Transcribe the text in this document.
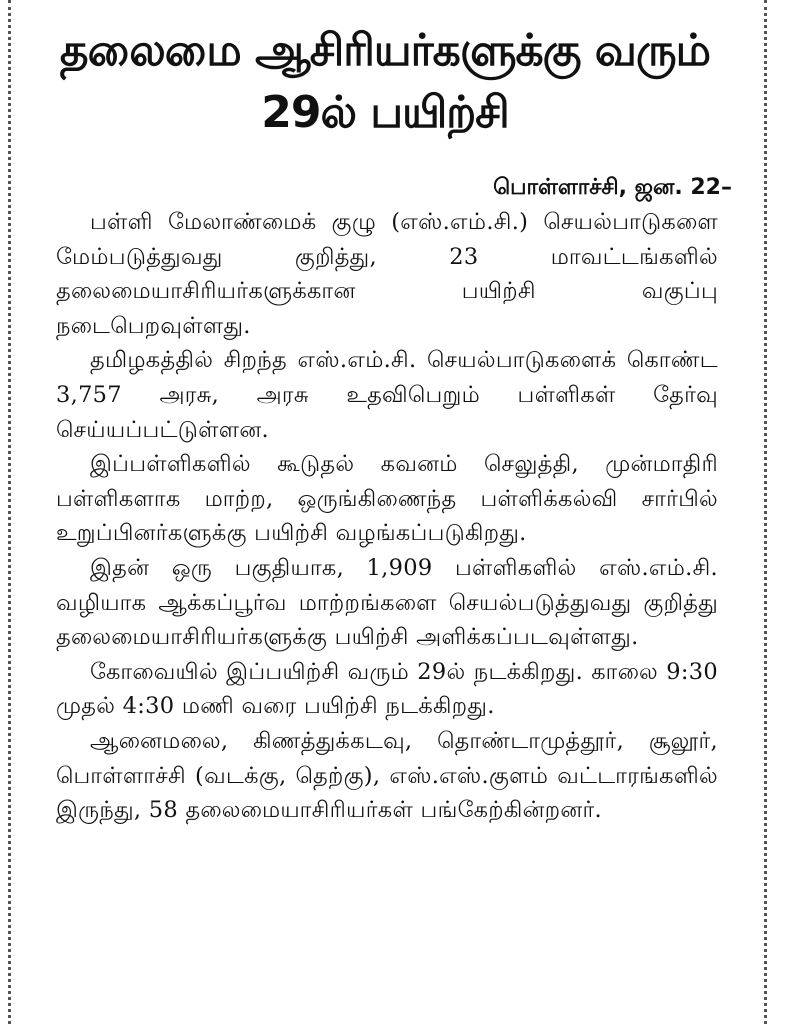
தலைமை ஆசிரியர்களுக்கு வரும் 29ல் பயிற்சி

பொள்ளாச்சி, ஜன. 22–

பள்ளி மேலாண்மைக் குழு (எஸ்.எம்.சி.) செயல்பாடுகளை மேம்படுத்துவது குறித்து, 23 மாவட்டங்களில் தலைமையாசிரியர்களுக்கான பயிற்சி வகுப்பு நடைபெறவுள்ளது.

தமிழகத்தில் சிறந்த எஸ்.எம்.சி. செயல்பாடுகளைக் கொண்ட 3,757 அரசு, அரசு உதவிபெறும் பள்ளிகள் தேர்வு செய்யப்பட்டுள்ளன.

இப்பள்ளிகளில் கூடுதல் கவனம் செலுத்தி, முன்மாதிரி பள்ளிகளாக மாற்ற, ஒருங்கிணைந்த பள்ளிக்கல்வி சார்பில் உறுப்பினர்களுக்கு பயிற்சி வழங்கப்படுகிறது.

இதன் ஒரு பகுதியாக, 1,909 பள்ளிகளில் எஸ்.எம்.சி. வழியாக ஆக்கப்பூர்வ மாற்றங்களை செயல்படுத்துவது குறித்து தலைமையாசிரியர்களுக்கு பயிற்சி அளிக்கப்படவுள்ளது.

கோவையில் இப்பயிற்சி வரும் 29ல் நடக்கிறது. காலை 9:30 முதல் 4:30 மணி வரை பயிற்சி நடக்கிறது.

ஆனைமலை, கிணத்துக்கடவு, தொண்டாமுத்தூர், சூலூர், பொள்ளாச்சி (வடக்கு, தெற்கு), எஸ்.எஸ்.குளம் வட்டாரங்களில் இருந்து, 58 தலைமையாசிரியர்கள் பங்கேற்கின்றனர்.
